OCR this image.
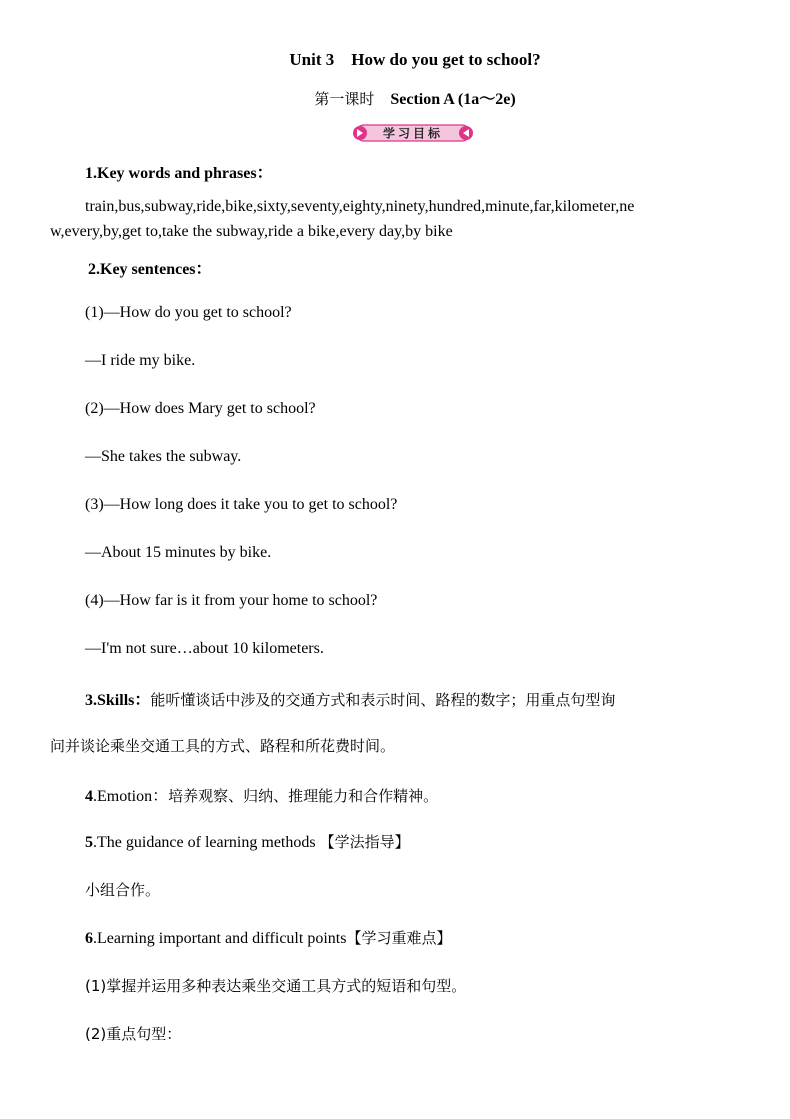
Unit 3 How do you get to school?
第一课时 Section A (1a～2e)
学习目标
1.Key words and phrases：
train,bus,subway,ride,bike,sixty,seventy,eighty,ninety,hundred,minute,far,kilometer,ne
w,every,by,get to,take the subway,ride a bike,every day,by bike
2.Key sentences：
(1)—How do you get to school?
—I ride my bike.
(2)—How does Mary get to school?
—She takes the subway.
(3)—How long does it take you to get to school?
—About 15 minutes by bike.
(4)—How far is it from your home to school?
—I'm not sure…about 10 kilometers.
3.Skills：能听懂谈话中涉及的交通方式和表示时间、路程的数字；用重点句型询
问并谈论乘坐交通工具的方式、路程和所花费时间。
4.Emotion：培养观察、归纳、推理能力和合作精神。
5.The guidance of learning methods 【学法指导】
小组合作。
6.Learning important and difficult points【学习重难点】
(1)掌握并运用多种表达乘坐交通工具方式的短语和句型。
(2)重点句型：
